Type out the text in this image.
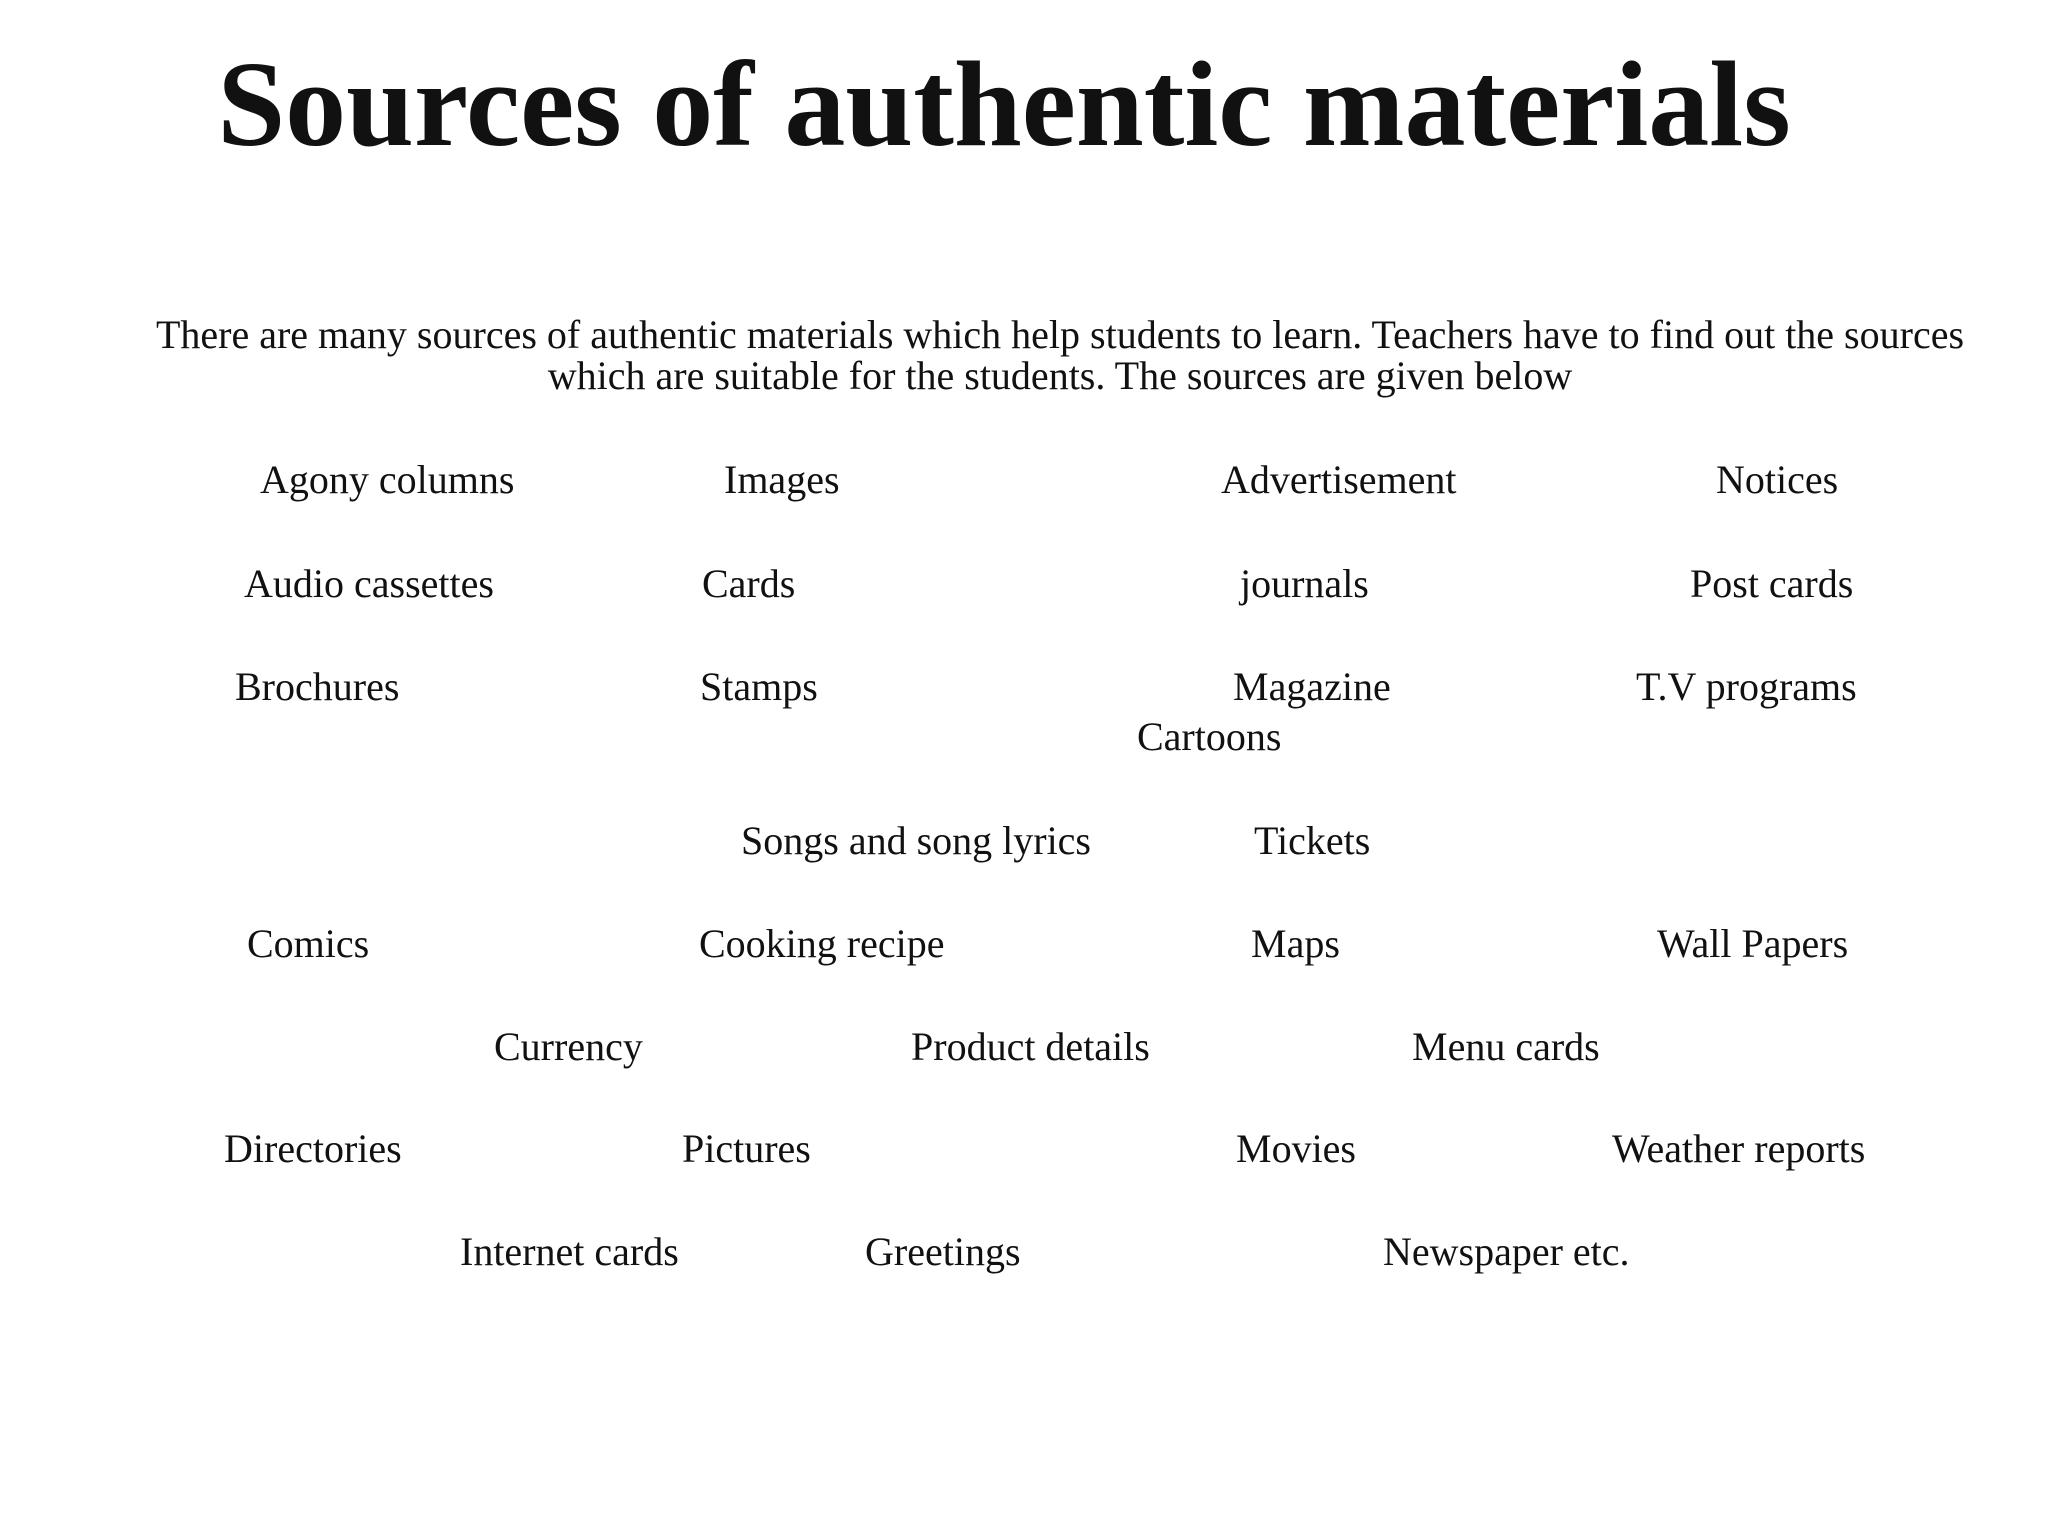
Sources of authentic materials

There are many sources of authentic materials which help students to learn. Teachers have to find out the sources which are suitable for the students. The sources are given below

Agony columns	Images	Advertisement	Notices
Audio cassettes	Cards	journals	Post cards
Brochures	Stamps	Magazine	T.V programs
Cartoons
Songs and song lyrics	Tickets
Comics	Cooking recipe	Maps	Wall Papers
Currency	Product details	Menu cards
Directories	Pictures	Movies	Weather reports
Internet cards	Greetings	Newspaper etc.
